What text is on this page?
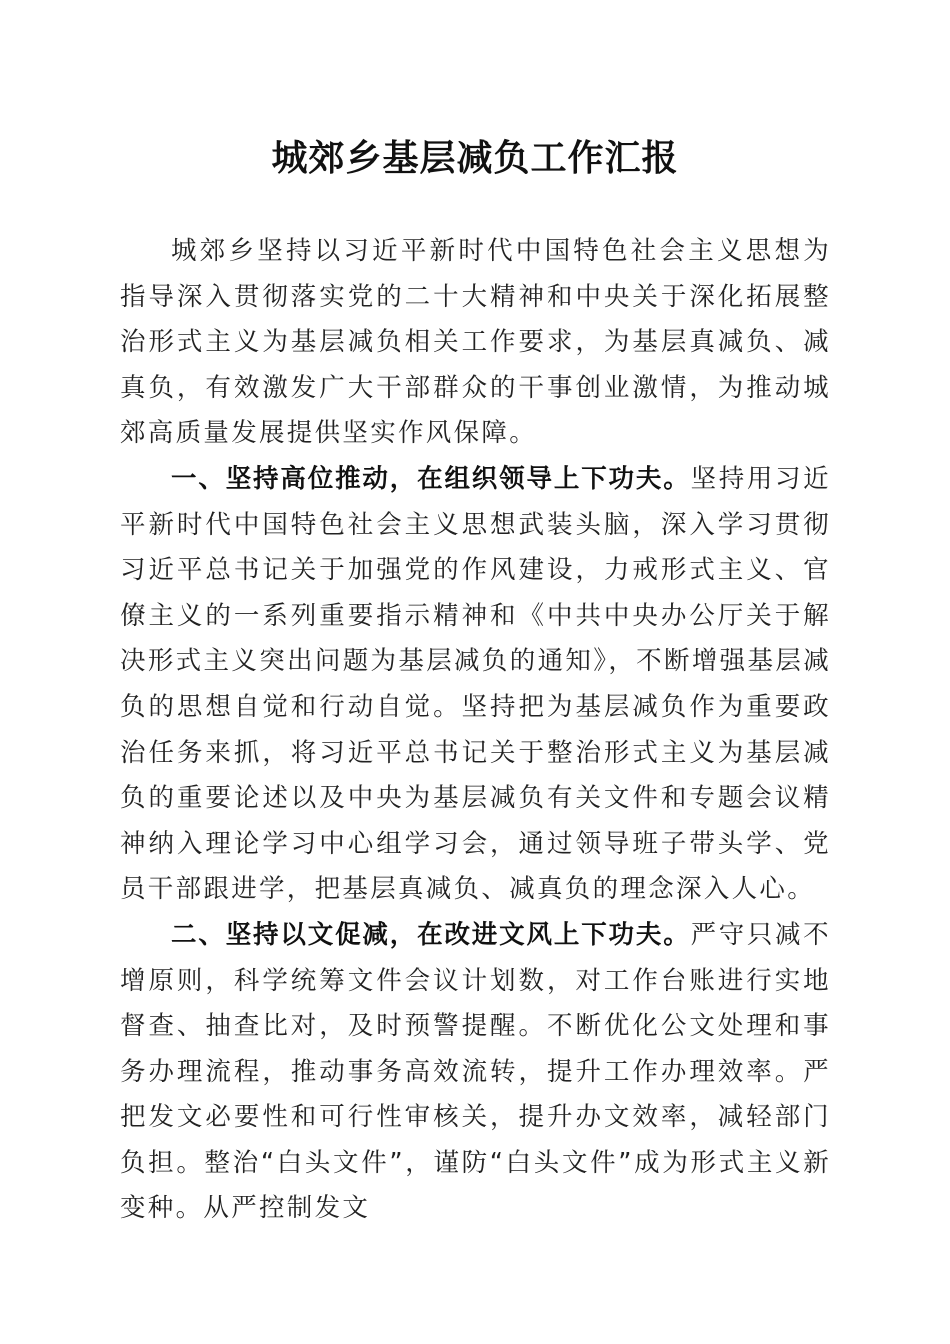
城郊乡基层减负工作汇报

城郊乡坚持以习近平新时代中国特色社会主义思想为指导深入贯彻落实党的二十大精神和中央关于深化拓展整治形式主义为基层减负相关工作要求，为基层真减负、减真负，有效激发广大干部群众的干事创业激情，为推动城郊高质量发展提供坚实作风保障。

一、坚持高位推动，在组织领导上下功夫。坚持用习近平新时代中国特色社会主义思想武装头脑，深入学习贯彻习近平总书记关于加强党的作风建设，力戒形式主义、官僚主义的一系列重要指示精神和《中共中央办公厅关于解决形式主义突出问题为基层减负的通知》，不断增强基层减负的思想自觉和行动自觉。坚持把为基层减负作为重要政治任务来抓，将习近平总书记关于整治形式主义为基层减负的重要论述以及中央为基层减负有关文件和专题会议精神纳入理论学习中心组学习会，通过领导班子带头学、党员干部跟进学，把基层真减负、减真负的理念深入人心。

二、坚持以文促减，在改进文风上下功夫。严守只减不增原则，科学统筹文件会议计划数，对工作台账进行实地督查、抽查比对，及时预警提醒。不断优化公文处理和事务办理流程，推动事务高效流转，提升工作办理效率。严把发文必要性和可行性审核关，提升办文效率，减轻部门负担。整治“白头文件”，谨防“白头文件”成为形式主义新变种。从严控制发文
